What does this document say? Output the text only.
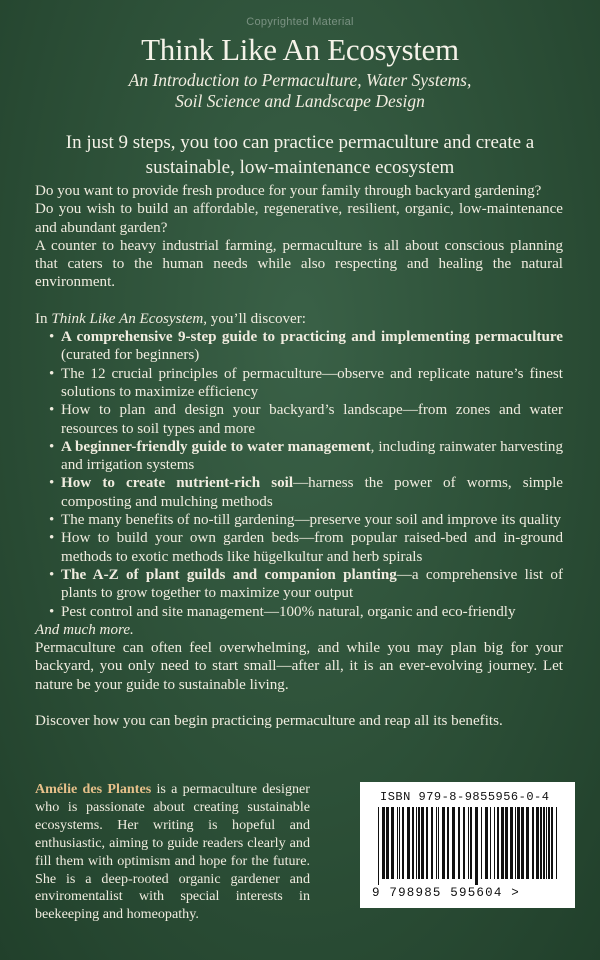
Copyrighted Material
Think Like An Ecosystem
An Introduction to Permaculture, Water Systems,
Soil Science and Landscape Design
In just 9 steps, you too can practice permaculture and create a sustainable, low-maintenance ecosystem

Do you want to provide fresh produce for your family through backyard gardening?

Do you wish to build an affordable, regenerative, resilient, organic, low-maintenance and abundant garden?

A counter to heavy industrial farming, permaculture is all about conscious planning that caters to the human needs while also respecting and healing the natural environment.

In Think Like An Ecosystem, you’ll discover:

• A comprehensive 9-step guide to practicing and implementing permaculture (curated for beginners)
• The 12 crucial principles of permaculture—observe and replicate nature’s finest solutions to maximize efficiency
• How to plan and design your backyard’s landscape—from zones and water resources to soil types and more
• A beginner-friendly guide to water management, including rainwater harvesting and irrigation systems
• How to create nutrient-rich soil—harness the power of worms, simple composting and mulching methods
• The many benefits of no-till gardening—preserve your soil and improve its quality
• How to build your own garden beds—from popular raised-bed and in-ground methods to exotic methods like hügelkultur and herb spirals
• The A-Z of plant guilds and companion planting—a comprehensive list of plants to grow together to maximize your output
• Pest control and site management—100% natural, organic and eco-friendly

And much more.

Permaculture can often feel overwhelming, and while you may plan big for your backyard, you only need to start small—after all, it is an ever-evolving journey. Let nature be your guide to sustainable living.

Discover how you can begin practicing permaculture and reap all its benefits.

Amélie des Plantes is a permaculture designer who is passionate about creating sustainable ecosystems. Her writing is hopeful and enthusiastic, aiming to guide readers clearly and fill them with optimism and hope for the future. She is a deep-rooted organic gardener and enviromentalist with special interests in beekeeping and homeopathy.
ISBN 979-8-9855956-0-4
9 798985 595604 >
